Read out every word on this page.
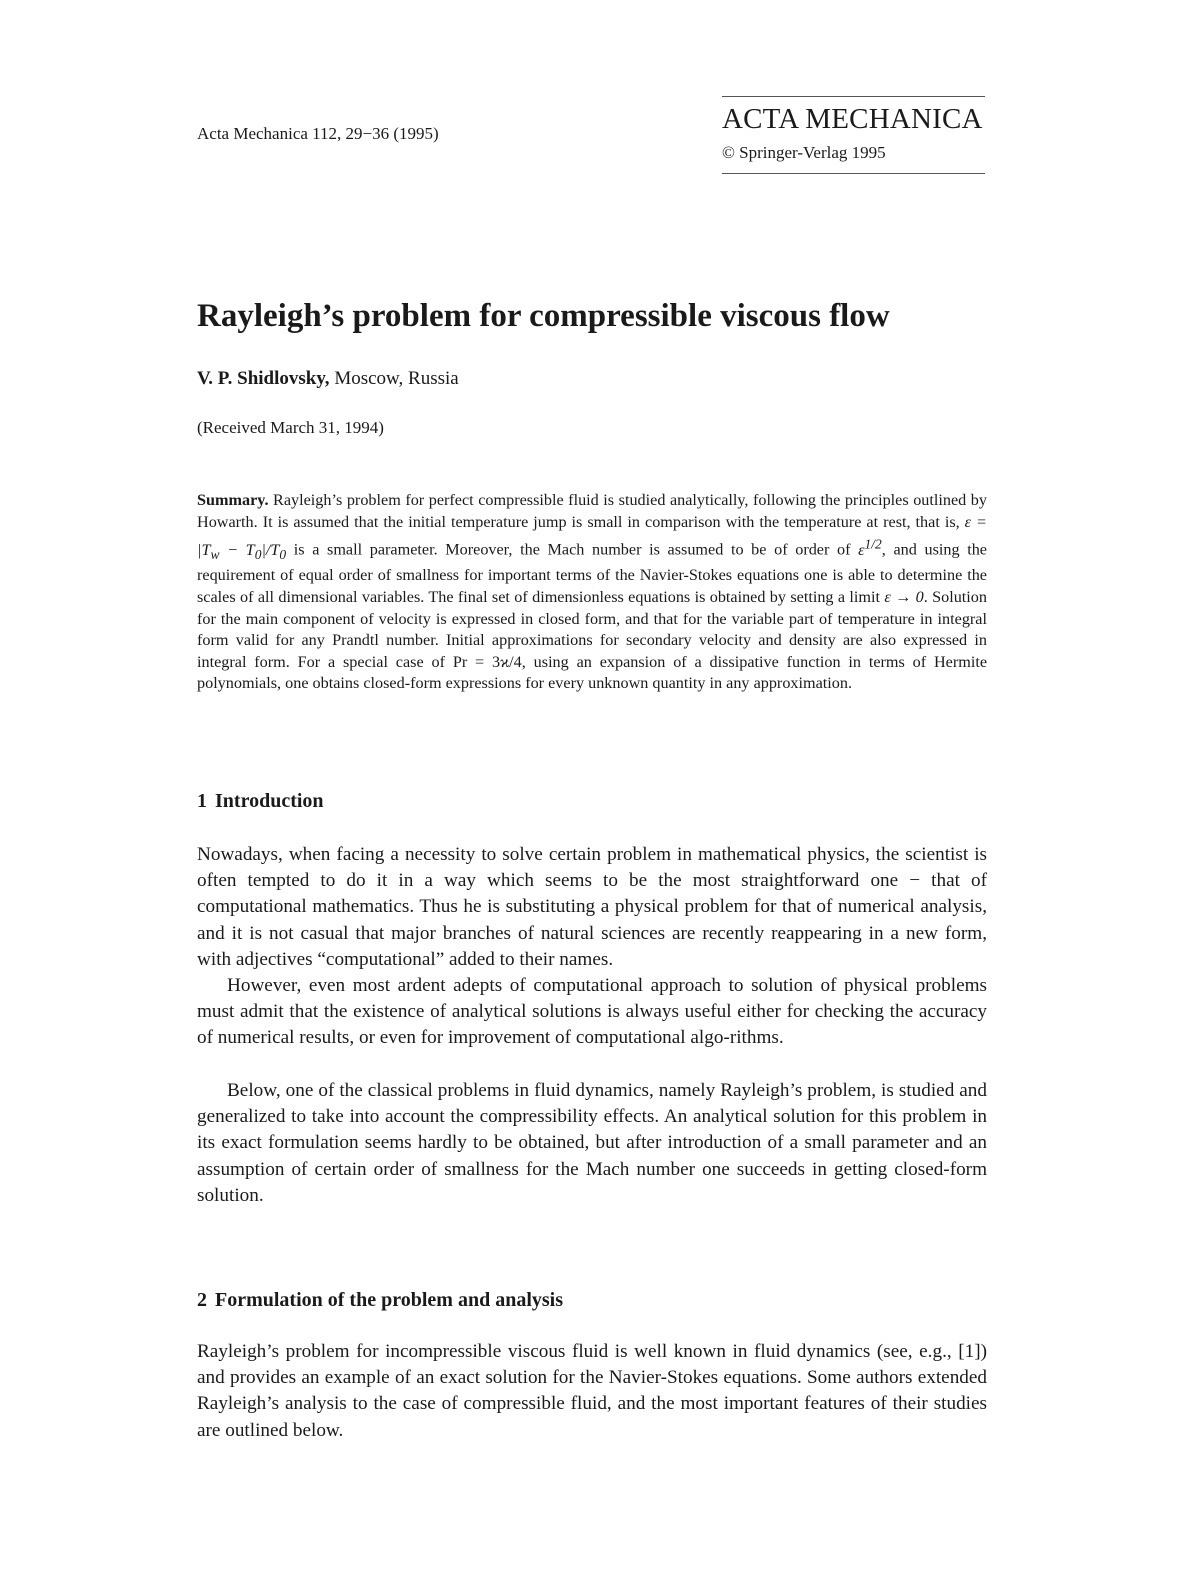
Acta Mechanica 112, 29−36 (1995)	ACTA MECHANICA
© Springer-Verlag 1995
Rayleigh’s problem for compressible viscous flow
V. P. Shidlovsky, Moscow, Russia
(Received March 31, 1994)

Summary. Rayleigh’s problem for perfect compressible fluid is studied analytically, following the principles outlined by Howarth. It is assumed that the initial temperature jump is small in comparison with the temperature at rest, that is, $\varepsilon = |T_w - T_0|/T_0$ is a small parameter. Moreover, the Mach number is assumed to be of order of $\varepsilon^{1/2}$, and using the requirement of equal order of smallness for important terms of the Navier-Stokes equations one is able to determine the scales of all dimensional variables. The final set of dimensionless equations is obtained by setting a limit ε → 0. Solution for the main component of velocity is expressed in closed form, and that for the variable part of temperature in integral form valid for any Prandtl number. Initial approximations for secondary velocity and density are also expressed in integral form. For a special case of Pr = 3ϰ/4, using an expansion of a dissipative function in terms of Hermite polynomials, one obtains closed-form expressions for every unknown quantity in any approximation.

1 Introduction

Nowadays, when facing a necessity to solve certain problem in mathematical physics, the scientist is often tempted to do it in a way which seems to be the most straightforward one − that of computational mathematics. Thus he is substituting a physical problem for that of numerical analysis, and it is not casual that major branches of natural sciences are recently reappearing in a new form, with adjectives “computational” added to their names.

However, even most ardent adepts of computational approach to solution of physical problems must admit that the existence of analytical solutions is always useful either for checking the accuracy of numerical results, or even for improvement of computational algo-rithms.

Below, one of the classical problems in fluid dynamics, namely Rayleigh’s problem, is studied and generalized to take into account the compressibility effects. An analytical solution for this problem in its exact formulation seems hardly to be obtained, but after introduction of a small parameter and an assumption of certain order of smallness for the Mach number one succeeds in getting closed-form solution.

2 Formulation of the problem and analysis

Rayleigh’s problem for incompressible viscous fluid is well known in fluid dynamics (see, e.g., [1]) and provides an example of an exact solution for the Navier-Stokes equations. Some authors extended Rayleigh’s analysis to the case of compressible fluid, and the most important features of their studies are outlined below.
